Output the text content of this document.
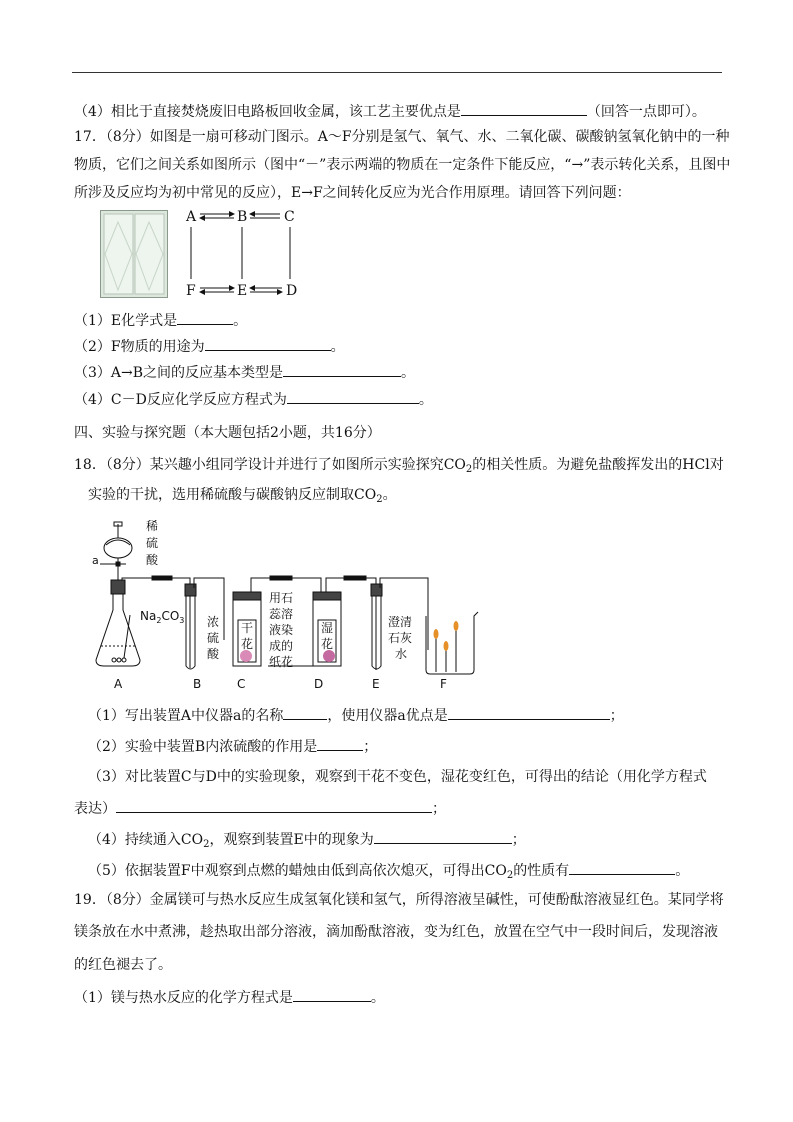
（4）相比于直接焚烧废旧电路板回收金属，该工艺主要优点是	（回答一点即可）。
17．（8分）如图是一扇可移动门图示。A～F分别是氢气、氧气、水、二氧化碳、碳酸钠氢氧化钠中的一种
物质，它们之间关系如图所示（图中“－”表示两端的物质在一定条件下能反应，“→”表示转化关系，且图中
所涉及反应均为初中常见的反应），E→F之间转化反应为光合作用原理。请回答下列问题：
A	B	C
F	E	D
（1）E化学式是	。
（2）F物质的用途为	。
（3）A→B之间的反应基本类型是	。
（4）C－D反应化学反应方程式为	。
四、实验与探究题（本大题包括2小题，共16分）
18．（8分）某兴趣小组同学设计并进行了如图所示实验探究$CO_2$的相关性质。为避免盐酸挥发出的HCl对
实验的干扰，选用稀硫酸与碳酸钠反应制取$CO_2$。
稀
硫
酸
a
$Na_2CO_3$ 浓
硫
酸
干
花
用石
蕊溶
液染
成的
纸花
湿
花
澄清
石灰
水
A	B	C	D	E	F
（1）写出装置A中仪器a的名称	，使用仪器a优点是	；
（2）实验中装置B内浓硫酸的作用是	；
（3）对比装置C与D中的实验现象，观察到干花不变色，湿花变红色，可得出的结论（用化学方程式
表达）	；
（4）持续通入$CO_2$，观察到装置E中的现象为	；
（5）依据装置F中观察到点燃的蜡烛由低到高依次熄灭，可得出$CO_2$的性质有	。
19．（8分）金属镁可与热水反应生成氢氧化镁和氢气，所得溶液呈碱性，可使酚酞溶液显红色。某同学将
镁条放在水中煮沸，趁热取出部分溶液，滴加酚酞溶液，变为红色，放置在空气中一段时间后，发现溶液
的红色褪去了。
（1）镁与热水反应的化学方程式是	。
